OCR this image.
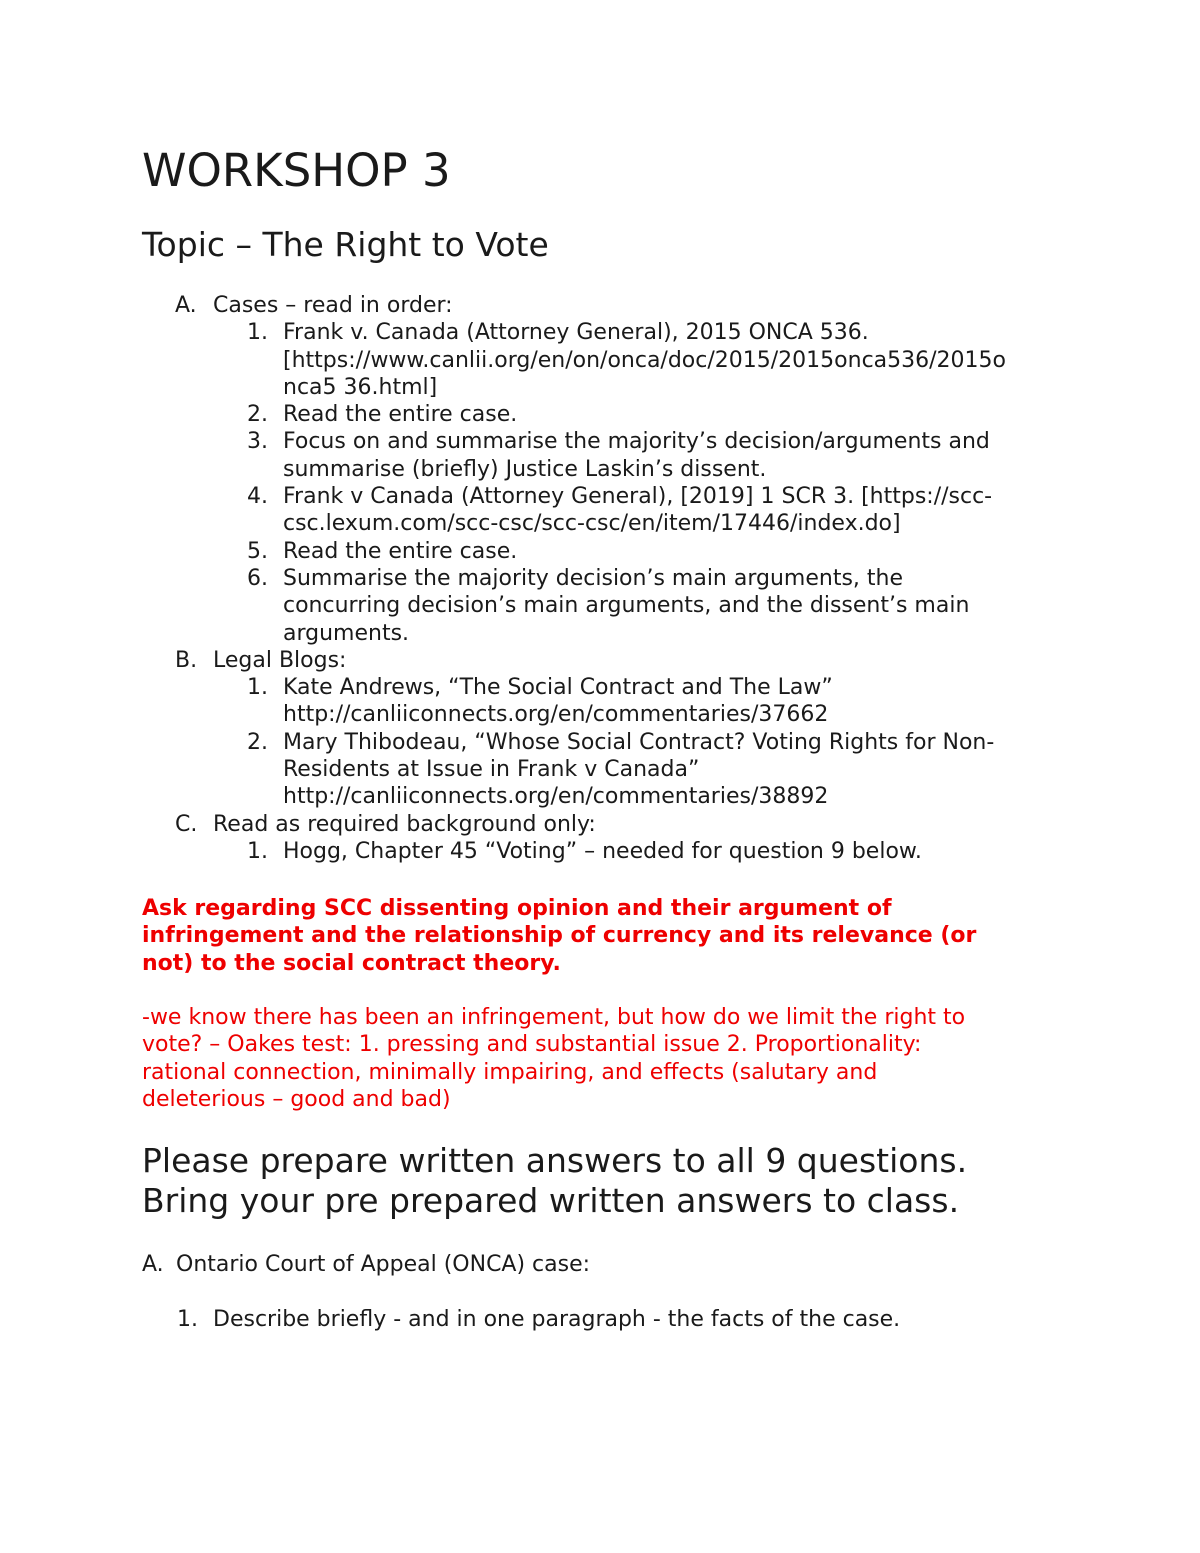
WORKSHOP 3
Topic – The Right to Vote
A. Cases – read in order:
1. Frank v. Canada (Attorney General), 2015 ONCA 536.
[https://www.canlii.org/en/on/onca/doc/2015/2015onca536/2015o
nca5 36.html]
2. Read the entire case.
3. Focus on and summarise the majority’s decision/arguments and
summarise (briefly) Justice Laskin’s dissent.
4. Frank v Canada (Attorney General), [2019] 1 SCR 3. [https://scc-
csc.lexum.com/scc-csc/scc-csc/en/item/17446/index.do]
5. Read the entire case.
6. Summarise the majority decision’s main arguments, the
concurring decision’s main arguments, and the dissent’s main
arguments.
B. Legal Blogs:
1. Kate Andrews, “The Social Contract and The Law”
http://canliiconnects.org/en/commentaries/37662
2. Mary Thibodeau, “Whose Social Contract? Voting Rights for Non-
Residents at Issue in Frank v Canada”
http://canliiconnects.org/en/commentaries/38892
C. Read as required background only:
1. Hogg, Chapter 45 “Voting” – needed for question 9 below.
Ask regarding SCC dissenting opinion and their argument of
infringement and the relationship of currency and its relevance (or
not) to the social contract theory.
-we know there has been an infringement, but how do we limit the right to
vote? – Oakes test: 1. pressing and substantial issue 2. Proportionality:
rational connection, minimally impairing, and effects (salutary and
deleterious – good and bad)
Please prepare written answers to all 9 questions.
Bring your pre prepared written answers to class.
A. Ontario Court of Appeal (ONCA) case:
1. Describe briefly - and in one paragraph - the facts of the case.
